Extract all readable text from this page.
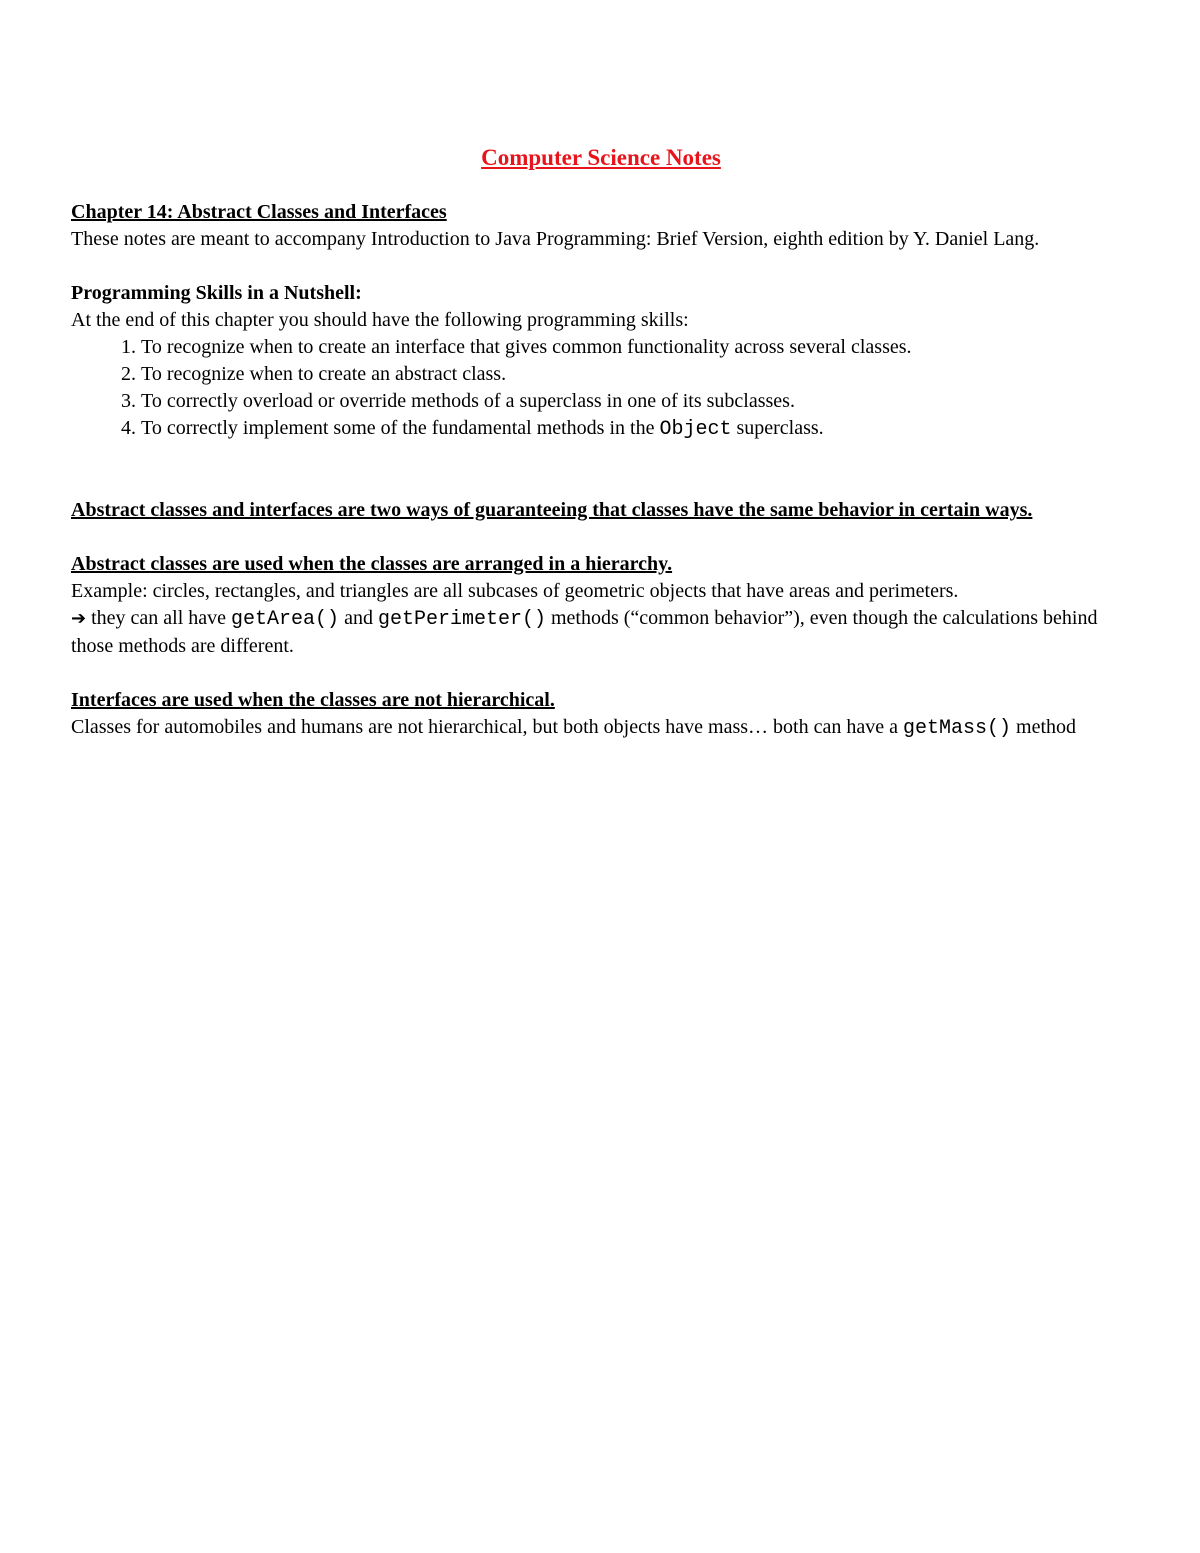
Computer Science Notes

Chapter 14: Abstract Classes and Interfaces

These notes are meant to accompany Introduction to Java Programming: Brief Version, eighth edition by Y. Daniel Lang.

Programming Skills in a Nutshell:

At the end of this chapter you should have the following programming skills:

1. To recognize when to create an interface that gives common functionality across several classes.
2. To recognize when to create an abstract class.
3. To correctly overload or override methods of a superclass in one of its subclasses.
4. To correctly implement some of the fundamental methods in the Object superclass.

Abstract classes and interfaces are two ways of guaranteeing that classes have the same behavior in certain ways.

Abstract classes are used when the classes are arranged in a hierarchy.

Example: circles, rectangles, and triangles are all subcases of geometric objects that have areas and perimeters.

➔ they can all have getArea() and getPerimeter() methods (“common behavior”), even though the calculations behind those methods are different.

Interfaces are used when the classes are not hierarchical.

Classes for automobiles and humans are not hierarchical, but both objects have mass… both can have a getMass() method
